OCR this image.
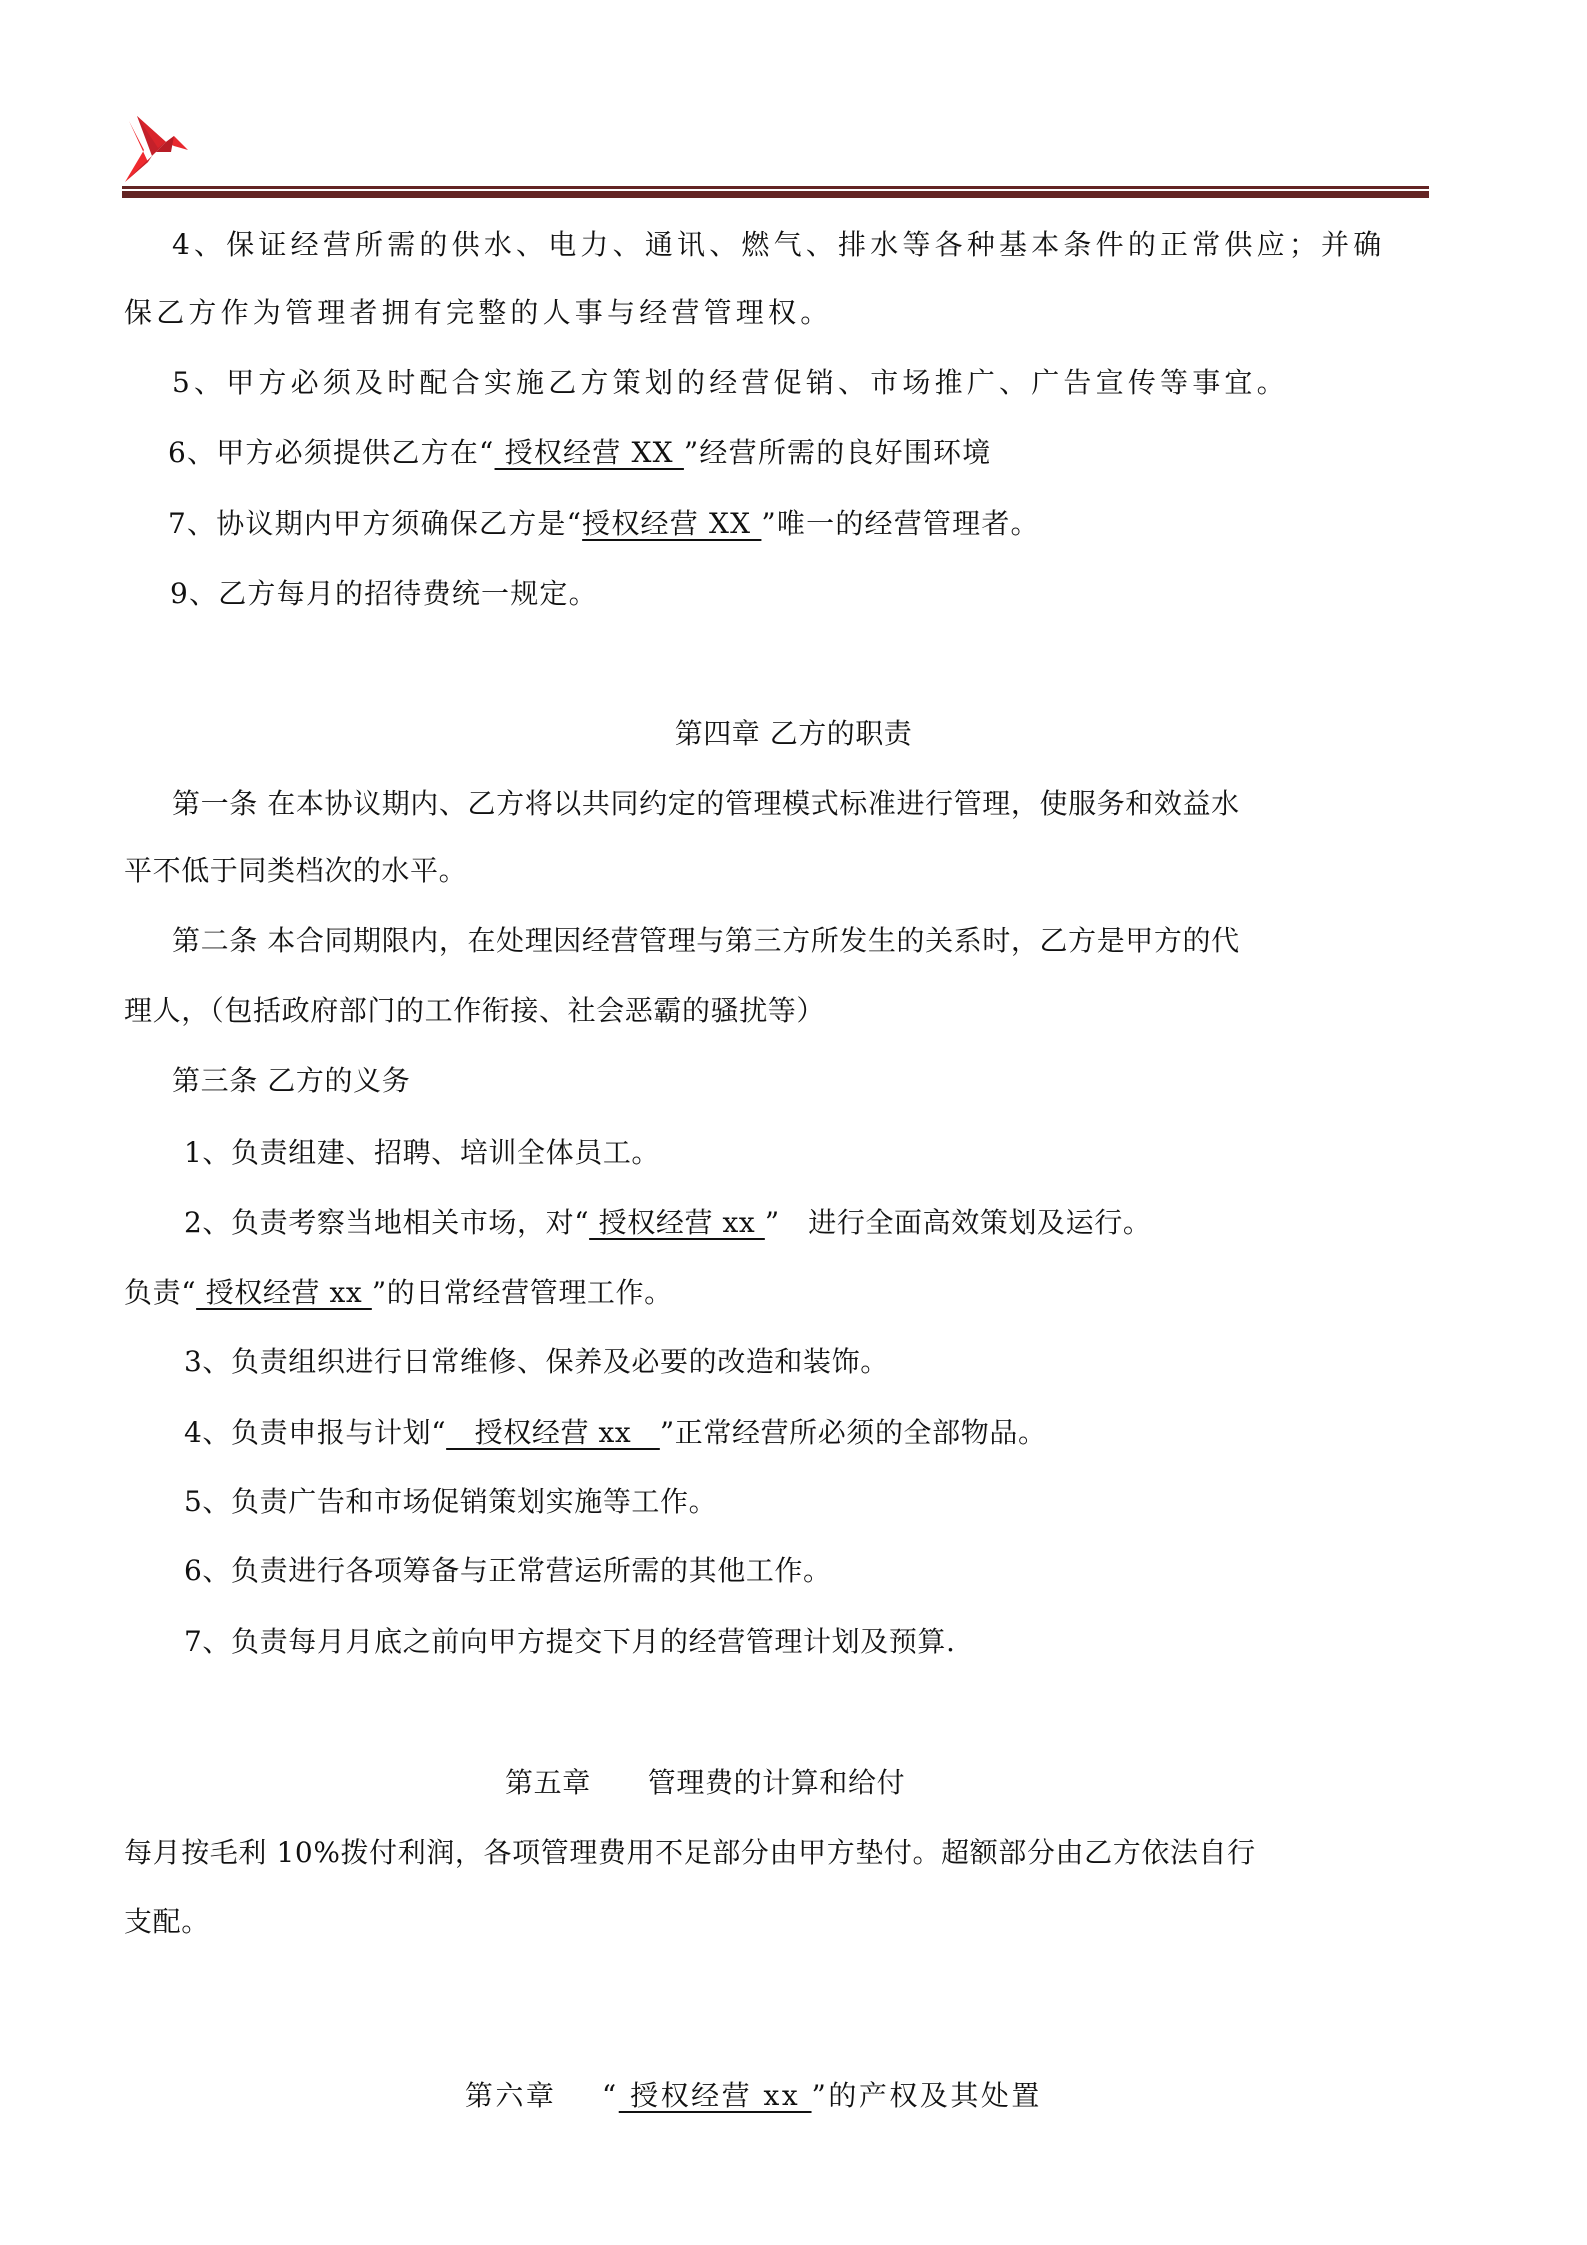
4、保证经营所需的供水、电力、通讯、燃气、排水等各种基本条件的正常供应；并确
保乙方作为管理者拥有完整的人事与经营管理权。
5、甲方必须及时配合实施乙方策划的经营促销、市场推广、广告宣传等事宜。
6、甲方必须提供乙方在“ 授权经营 XX ”经营所需的良好围环境
7、协议期内甲方须确保乙方是“授权经营 XX ”唯一的经营管理者。
9、乙方每月的招待费统一规定。
第四章 乙方的职责
第一条 在本协议期内、乙方将以共同约定的管理模式标准进行管理，使服务和效益水
平不低于同类档次的水平。
第二条 本合同期限内，在处理因经营管理与第三方所发生的关系时，乙方是甲方的代
理人，（包括政府部门的工作衔接、社会恶霸的骚扰等）
第三条 乙方的义务
1、负责组建、招聘、培训全体员工。
2、负责考察当地相关市场，对“ 授权经营 xx ”   进行全面高效策划及运行。
负责“ 授权经营 xx ”的日常经营管理工作。
3、负责组织进行日常维修、保养及必要的改造和装饰。
4、负责申报与计划“   授权经营 xx   ”正常经营所必须的全部物品。
5、负责广告和市场促销策划实施等工作。
6、负责进行各项筹备与正常营运所需的其他工作。
7、负责每月月底之前向甲方提交下月的经营管理计划及预算.
第五章      管理费的计算和给付
每月按毛利 10%拨付利润，各项管理费用不足部分由甲方垫付。超额部分由乙方依法自行
支配。

第六章    “ 授权经营 xx ”的产权及其处置
